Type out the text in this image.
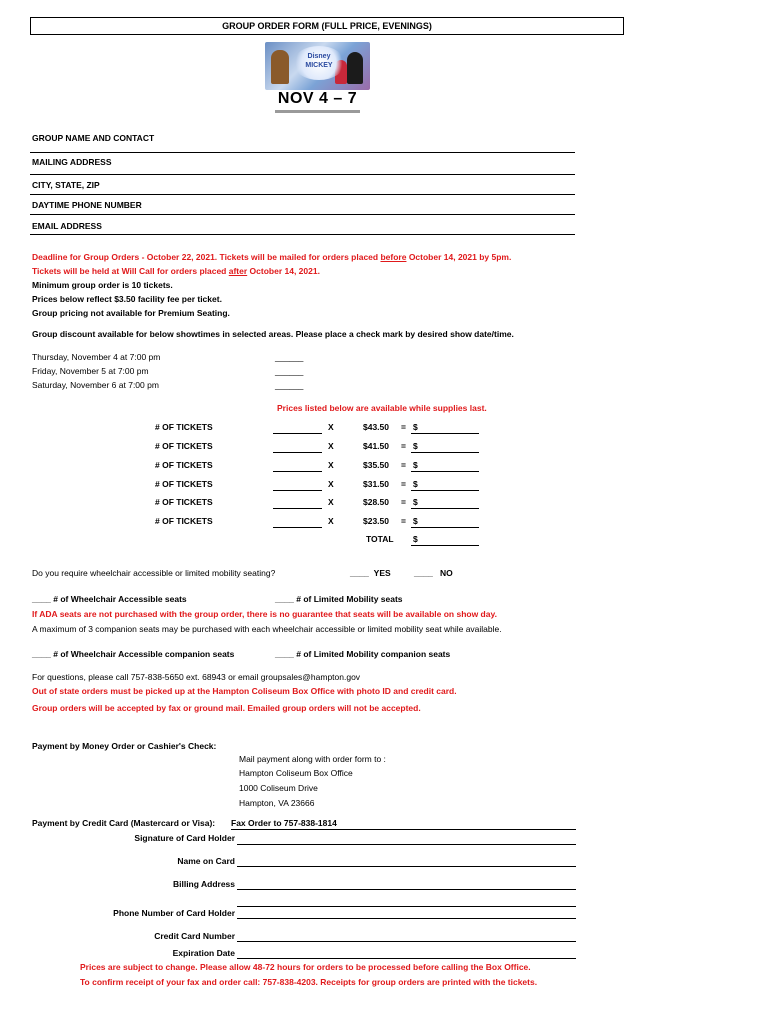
GROUP ORDER FORM (FULL PRICE, EVENINGS)
Disney
MICKEY
NOV 4 – 7
GROUP NAME AND CONTACT
MAILING ADDRESS
CITY, STATE, ZIP
DAYTIME PHONE NUMBER
EMAIL ADDRESS
Deadline for Group Orders - October 22, 2021. Tickets will be mailed for orders placed before October 14, 2021 by 5pm.
Tickets will be held at Will Call for orders placed after October 14, 2021.
Minimum group order is 10 tickets.
Prices below reflect $3.50 facility fee per ticket.
Group pricing not available for Premium Seating.
Group discount available for below showtimes in selected areas. Please place a check mark by desired show date/time.
Thursday, November 4 at 7:00 pm	______
Friday, November 5 at 7:00 pm	______
Saturday, November 6 at 7:00 pm	______
Prices listed below are available while supplies last.
# OF TICKETS	X	$43.50 = $
# OF TICKETS	X	$41.50 = $
# OF TICKETS	X	$35.50 = $
# OF TICKETS	X	$31.50 = $
# OF TICKETS	X	$28.50 = $
# OF TICKETS	X	$23.50 = $
TOTAL $
Do you require wheelchair accessible or limited mobility seating?	____ YES	____ NO
____ # of Wheelchair Accessible seats	____ # of Limited Mobility seats
If ADA seats are not purchased with the group order, there is no guarantee that seats will be available on show day.
A maximum of 3 companion seats may be purchased with each wheelchair accessible or limited mobility seat while available.
____ # of Wheelchair Accessible companion seats	____ # of Limited Mobility companion seats
For questions, please call 757-838-5650 ext. 68943 or email groupsales@hampton.gov
Out of state orders must be picked up at the Hampton Coliseum Box Office with photo ID and credit card.
Group orders will be accepted by fax or ground mail. Emailed group orders will not be accepted.
Payment by Money Order or Cashier's Check:
Mail payment along with order form to :
Hampton Coliseum Box Office
1000 Coliseum Drive
Hampton, VA 23666
Payment by Credit Card (Mastercard or Visa): Fax Order to 757-838-1814
Signature of Card Holder
Name on Card
Billing Address
Phone Number of Card Holder
Credit Card Number
Expiration Date
Prices are subject to change. Please allow 48-72 hours for orders to be processed before calling the Box Office.
To confirm receipt of your fax and order call: 757-838-4203. Receipts for group orders are printed with the tickets.
